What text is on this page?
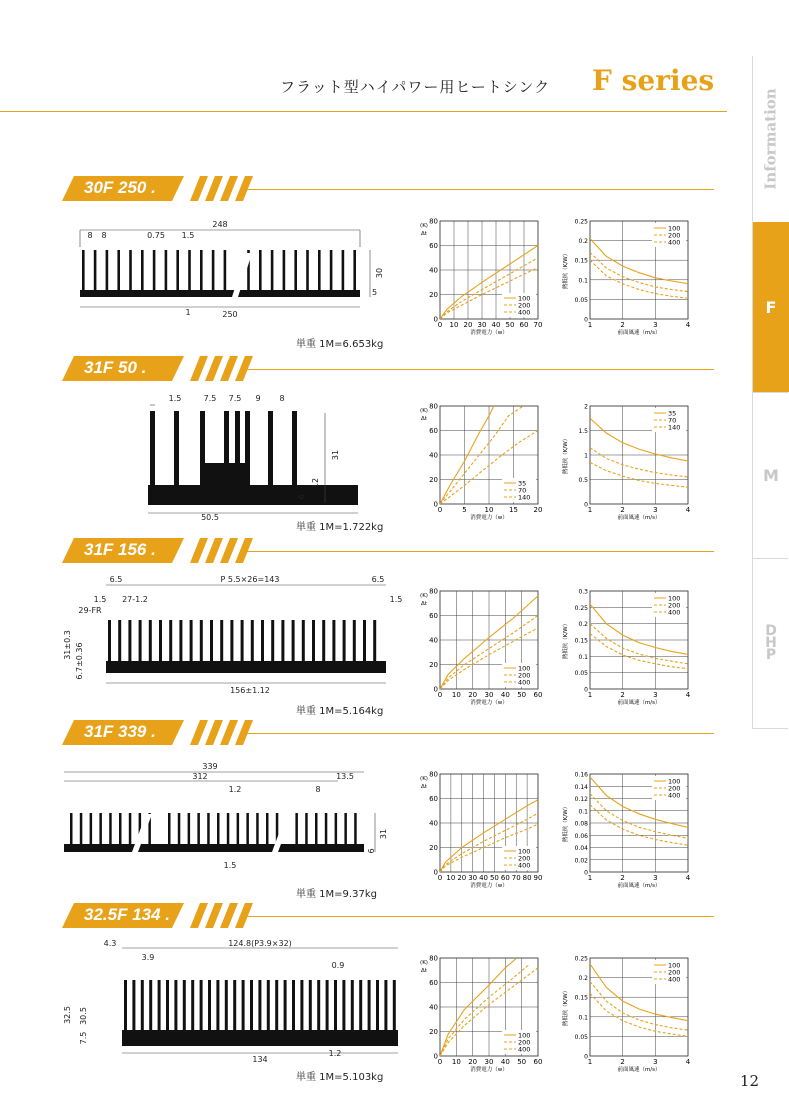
フラット型ハイパワー用ヒートシンク F series
Information
F
M
D
H
P
30F 250 .
248
8 8	0.75 1.5
250
30
5
1
0 10 20 30 40 50 60 70
0
20
40
60
80
消費電力（w）
(K)
Δt
100
200
400
1	2	3	4
0
0.05
0.1
0.15
0.2
0.25
前面風速（m/s）
熱抵抗（K/W）
100
200
400
単重 1M=6.653kg
31F 50 .
1.5	7.5 7.5 9 8
31
12
6
50.5
0	5	10 15 20
0
20
40
60
80
消費電力（w）
(K)
Δt
35
70
140
1	2	3	4
0
0.5
1
1.5
2
前面風速（m/s）
熱抵抗（K/W）
35
70
140
単重 1M=1.722kg
31F 156 .
6.5	P 5.5×26=143	6.5
1.5 27-1.2	1.5
29-FR
31±0.3 6.7±0.36
156±1.12	0 10 20 30 40 50 60
0
20
40
60
80
消費電力（w）
(K)
Δt
100
200
400
1	2	3	4
0
0.05
0.1
0.15
0.2
0.25
0.3
前面風速（m/s）
熱抵抗（K/W）
100
200
400
単重 1M=5.164kg
31F 339 .
339
312	13.5
1.2	8
31
6
1.5
0 10 20 30 40 50 60 70 80 90
0
20
40
60
80
消費電力（w）
(K)
Δt
100
200
400
1	2	3	4
0
0.02
0.04
0.06
0.08
0.1
0.12
0.14
0.16
前面風速（m/s）
熱抵抗（K/W）
100
200
400
単重 1M=9.37kg
32.5F 134 .
4.3	124.8(P3.9×32)
3.9
0.9
32.5 30.5
7.5
134
1.2
0 10 20 30 40 50 60
0
20
40
60
80
消費電力（w）
(K)
Δt
100
200
400
1	2	3	4
0
0.05
0.1
0.15
0.2
0.25
前面風速（m/s）
熱抵抗（K/W）
100
200
400
単重 1M=5.103kg	12
